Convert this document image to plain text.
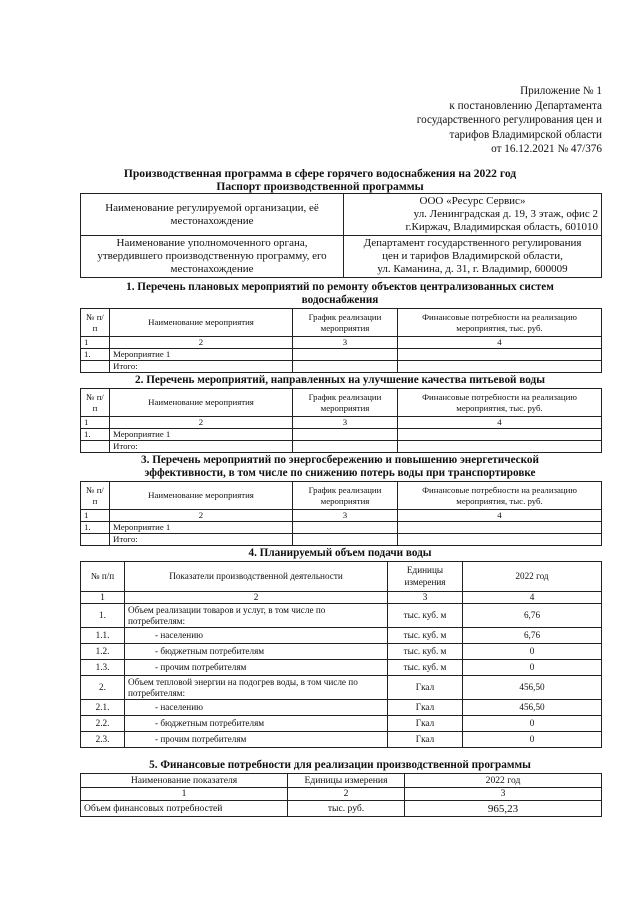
Приложение № 1
к постановлению Департамента
государственного регулирования цен и
тарифов Владимирской области
от 16.12.2021 № 47/376
Производственная программа в сфере горячего водоснабжения на 2022 год
Паспорт производственной программы
Наименование регулируемой организации, её местонахождение	ООО «Ресурс Сервис»
ул. Ленинградская д. 19, 3 этаж, офис 2
г.Киржач, Владимирская область, 601010

Наименование уполномоченного органа, утвердившего производственную программу, его местонахождение	Департамент государственного регулирования
цен и тарифов Владимирской области,
ул. Каманина, д. 31, г. Владимир, 600009
1. Перечень плановых мероприятий по ремонту объектов централизованных систем
водоснабжения
№ п/п	Наименование мероприятия	График реализации мероприятия	Финансовые потребности на реализацию мероприятия, тыс. руб.
1	2	3	4
1.	Мероприятие 1		
	Итого:		
2. Перечень мероприятий, направленных на улучшение качества питьевой воды
№ п/п	Наименование мероприятия	График реализации мероприятия	Финансовые потребности на реализацию мероприятия, тыс. руб.
1	2	3	4
1.	Мероприятие 1		
	Итого:		
3. Перечень мероприятий по энергосбережению и повышению энергетической
эффективности, в том числе по снижению потерь воды при транспортировке
№ п/п	Наименование мероприятия	График реализации мероприятия	Финансовые потребности на реализацию мероприятия, тыс. руб.
1	2	3	4
1.	Мероприятие 1		
	Итого:		
4. Планируемый объем подачи воды
№ п/п	Показатели производственной деятельности	Единицы измерения	2022 год
1	2	3	4
1.	Объем реализации товаров и услуг, в том числе по потребителям:	тыс. куб. м	6,76
1.1.	- населению	тыс. куб. м	6,76
1.2.	- бюджетным потребителям	тыс. куб. м	0
1.3.	- прочим потребителям	тыс. куб. м	0
2.	Объем тепловой энергии на подогрев воды, в том числе по потребителям:	Гкал	456,50
2.1.	- населению	Гкал	456,50
2.2.	- бюджетным потребителям	Гкал	0
2.3.	- прочим потребителям	Гкал	0
5. Финансовые потребности для реализации производственной программы
Наименование показателя	Единицы измерения	2022 год
1	2	3
Объем финансовых потребностей	тыс. руб.	965,23
